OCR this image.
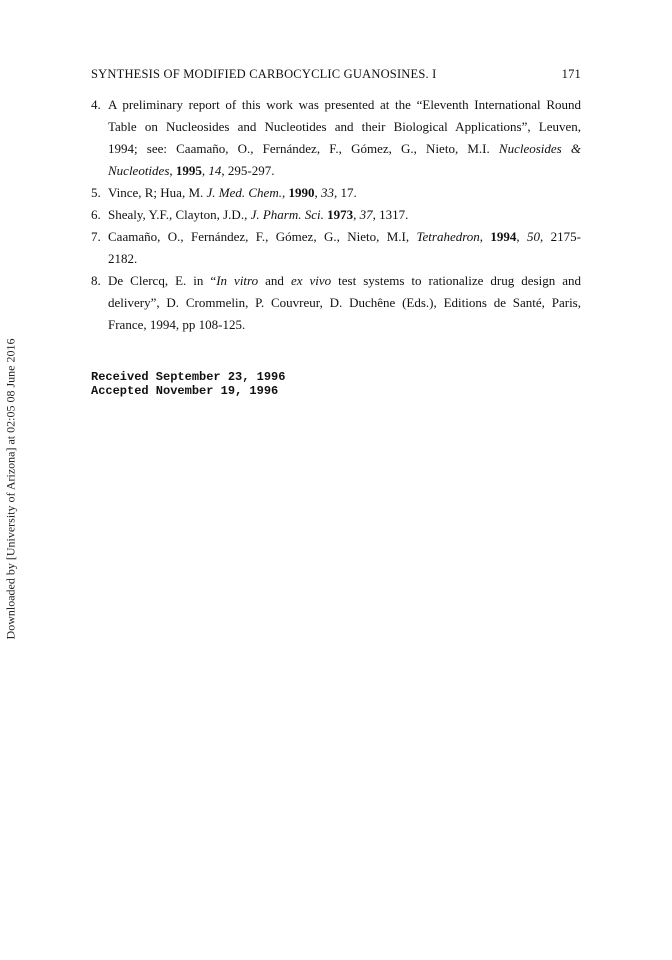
SYNTHESIS OF MODIFIED CARBOCYCLIC GUANOSINES. I	171
4. A preliminary report of this work was presented at the “Eleventh International Round
Table on Nucleosides and Nucleotides and their Biological Applications”, Leuven,
1994; see: Caamaño, O., Fernández, F., Gómez, G., Nieto, M.I. Nucleosides &
Nucleotides, 1995, 14, 295-297.
5. Vince, R; Hua, M. J. Med. Chem., 1990, 33, 17.
6. Shealy, Y.F., Clayton, J.D., J. Pharm. Sci. 1973, 37, 1317.
7. Caamaño, O., Fernández, F., Gómez, G., Nieto, M.I, Tetrahedron, 1994, 50, 2175-
2182.
8. De Clercq, E. in “In vitro and ex vivo test systems to rationalize drug design and
delivery”, D. Crommelin, P. Couvreur, D. Duchêne (Eds.), Editions de Santé, Paris,
France, 1994, pp 108-125.
Received September 23, 1996
Accepted November 19, 1996
Downloaded by [University of Arizona] at 02:05 08 June 2016
